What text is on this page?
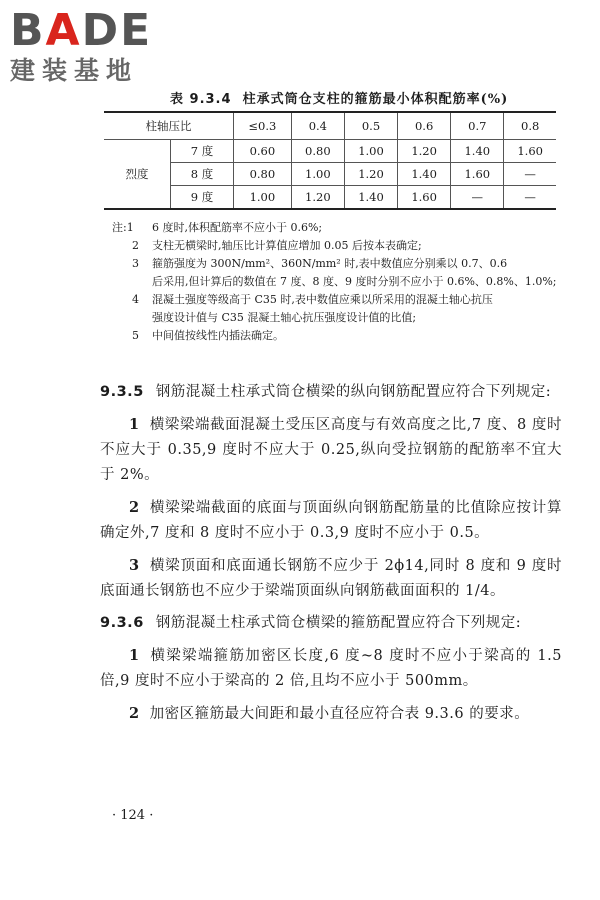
BADE
建装基地
表 9.3.4 柱承式筒仓支柱的箍筋最小体积配筋率(%)
柱轴压比		≤0.3	0.4	0.5	0.6	0.7	0.8
烈度	7 度	0.60	0.80	1.00	1.20	1.40	1.60
	8 度	0.80	1.00	1.20	1.40	1.60	—
	9 度	1.00	1.20	1.40	1.60	—	—
注:1	6 度时,体积配筋率不应小于 0.6%;
2	支柱无横梁时,轴压比计算值应增加 0.05 后按本表确定;
3	箍筋强度为 300N/mm²、360N/mm² 时,表中数值应分别乘以 0.7、0.6
后采用,但计算后的数值在 7 度、8 度、9 度时分别不应小于 0.6%、0.8%、1.0%;
4	混凝土强度等级高于 C35 时,表中数值应乘以所采用的混凝土轴心抗压
强度设计值与 C35 混凝土轴心抗压强度设计值的比值;
5	中间值按线性内插法确定。

9.3.5 钢筋混凝土柱承式筒仓横梁的纵向钢筋配置应符合下列规定:

1 横梁梁端截面混凝土受压区高度与有效高度之比,7 度、8 度时不应大于 0.35,9 度时不应大于 0.25,纵向受拉钢筋的配筋率不宜大于 2%。

2 横梁梁端截面的底面与顶面纵向钢筋配筋量的比值除应按计算确定外,7 度和 8 度时不应小于 0.3,9 度时不应小于 0.5。

3 横梁顶面和底面通长钢筋不应少于 2ϕ14,同时 8 度和 9 度时底面通长钢筋也不应少于梁端顶面纵向钢筋截面面积的 1/4。

9.3.6 钢筋混凝土柱承式筒仓横梁的箍筋配置应符合下列规定:

1 横梁梁端箍筋加密区长度,6 度~8 度时不应小于梁高的 1.5 倍,9 度时不应小于梁高的 2 倍,且均不应小于 500mm。

2 加密区箍筋最大间距和最小直径应符合表 9.3.6 的要求。

· 124 ·
